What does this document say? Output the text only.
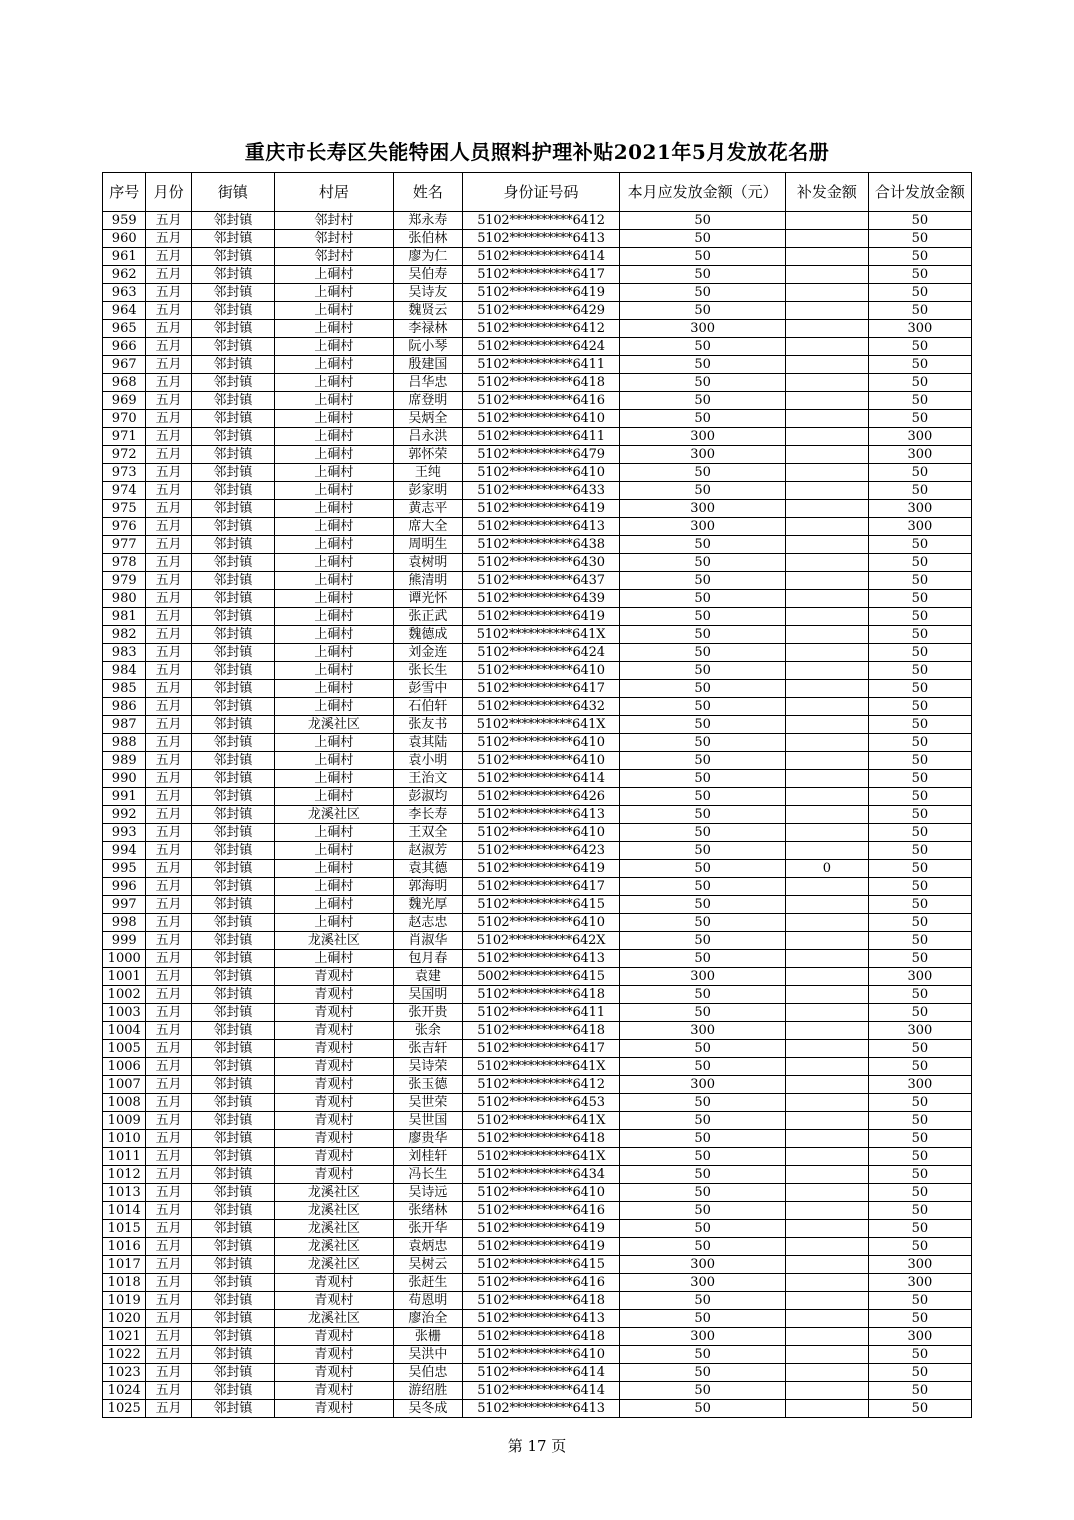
重庆市长寿区失能特困人员照料护理补贴2021年5月发放花名册
序号	月份	街镇	村居	姓名	身份证号码	本月应发放金额（元）	补发金额	合计发放金额
959	五月	邻封镇	邻封村	郑永寿	5102**********6412	50		50
960	五月	邻封镇	邻封村	张伯林	5102**********6413	50		50
961	五月	邻封镇	邻封村	廖为仁	5102**********6414	50		50
962	五月	邻封镇	上硐村	吴伯寿	5102**********6417	50		50
963	五月	邻封镇	上硐村	吴诗友	5102**********6419	50		50
964	五月	邻封镇	上硐村	魏贤云	5102**********6429	50		50
965	五月	邻封镇	上硐村	李禄林	5102**********6412	300		300
966	五月	邻封镇	上硐村	阮小琴	5102**********6424	50		50
967	五月	邻封镇	上硐村	殷建国	5102**********6411	50		50
968	五月	邻封镇	上硐村	吕华忠	5102**********6418	50		50
969	五月	邻封镇	上硐村	席登明	5102**********6416	50		50
970	五月	邻封镇	上硐村	吴炳全	5102**********6410	50		50
971	五月	邻封镇	上硐村	吕永洪	5102**********6411	300		300
972	五月	邻封镇	上硐村	郭怀荣	5102**********6479	300		300
973	五月	邻封镇	上硐村	王纯	5102**********6410	50		50
974	五月	邻封镇	上硐村	彭家明	5102**********6433	50		50
975	五月	邻封镇	上硐村	黄志平	5102**********6419	300		300
976	五月	邻封镇	上硐村	席大全	5102**********6413	300		300
977	五月	邻封镇	上硐村	周明生	5102**********6438	50		50
978	五月	邻封镇	上硐村	袁树明	5102**********6430	50		50
979	五月	邻封镇	上硐村	熊清明	5102**********6437	50		50
980	五月	邻封镇	上硐村	谭光怀	5102**********6439	50		50
981	五月	邻封镇	上硐村	张正武	5102**********6419	50		50
982	五月	邻封镇	上硐村	魏德成	5102**********641X	50		50
983	五月	邻封镇	上硐村	刘金连	5102**********6424	50		50
984	五月	邻封镇	上硐村	张长生	5102**********6410	50		50
985	五月	邻封镇	上硐村	彭雪中	5102**********6417	50		50
986	五月	邻封镇	上硐村	石伯轩	5102**********6432	50		50
987	五月	邻封镇	龙溪社区	张友书	5102**********641X	50		50
988	五月	邻封镇	上硐村	袁其陆	5102**********6410	50		50
989	五月	邻封镇	上硐村	袁小明	5102**********6410	50		50
990	五月	邻封镇	上硐村	王治文	5102**********6414	50		50
991	五月	邻封镇	上硐村	彭淑均	5102**********6426	50		50
992	五月	邻封镇	龙溪社区	李长寿	5102**********6413	50		50
993	五月	邻封镇	上硐村	王双全	5102**********6410	50		50
994	五月	邻封镇	上硐村	赵淑芳	5102**********6423	50		50
995	五月	邻封镇	上硐村	袁其德	5102**********6419	50	0	50
996	五月	邻封镇	上硐村	郭海明	5102**********6417	50		50
997	五月	邻封镇	上硐村	魏光厚	5102**********6415	50		50
998	五月	邻封镇	上硐村	赵志忠	5102**********6410	50		50
999	五月	邻封镇	龙溪社区	肖淑华	5102**********642X	50		50
1000	五月	邻封镇	上硐村	包月春	5102**********6413	50		50
1001	五月	邻封镇	青观村	袁建	5002**********6415	300		300
1002	五月	邻封镇	青观村	吴国明	5102**********6418	50		50
1003	五月	邻封镇	青观村	张开贵	5102**********6411	50		50
1004	五月	邻封镇	青观村	张余	5102**********6418	300		300
1005	五月	邻封镇	青观村	张吉轩	5102**********6417	50		50
1006	五月	邻封镇	青观村	吴诗荣	5102**********641X	50		50
1007	五月	邻封镇	青观村	张玉德	5102**********6412	300		300
1008	五月	邻封镇	青观村	吴世荣	5102**********6453	50		50
1009	五月	邻封镇	青观村	吴世国	5102**********641X	50		50
1010	五月	邻封镇	青观村	廖贵华	5102**********6418	50		50
1011	五月	邻封镇	青观村	刘桂轩	5102**********641X	50		50
1012	五月	邻封镇	青观村	冯长生	5102**********6434	50		50
1013	五月	邻封镇	龙溪社区	吴诗远	5102**********6410	50		50
1014	五月	邻封镇	龙溪社区	张绪林	5102**********6416	50		50
1015	五月	邻封镇	龙溪社区	张开华	5102**********6419	50		50
1016	五月	邻封镇	龙溪社区	袁炳忠	5102**********6419	50		50
1017	五月	邻封镇	龙溪社区	吴树云	5102**********6415	300		300
1018	五月	邻封镇	青观村	张赶生	5102**********6416	300		300
1019	五月	邻封镇	青观村	苟恩明	5102**********6418	50		50
1020	五月	邻封镇	龙溪社区	廖治全	5102**********6413	50		50
1021	五月	邻封镇	青观村	张栅	5102**********6418	300		300
1022	五月	邻封镇	青观村	吴洪中	5102**********6410	50		50
1023	五月	邻封镇	青观村	吴伯忠	5102**********6414	50		50
1024	五月	邻封镇	青观村	游绍胜	5102**********6414	50		50
1025	五月	邻封镇	青观村	吴冬成	5102**********6413	50		50
第 17 页
